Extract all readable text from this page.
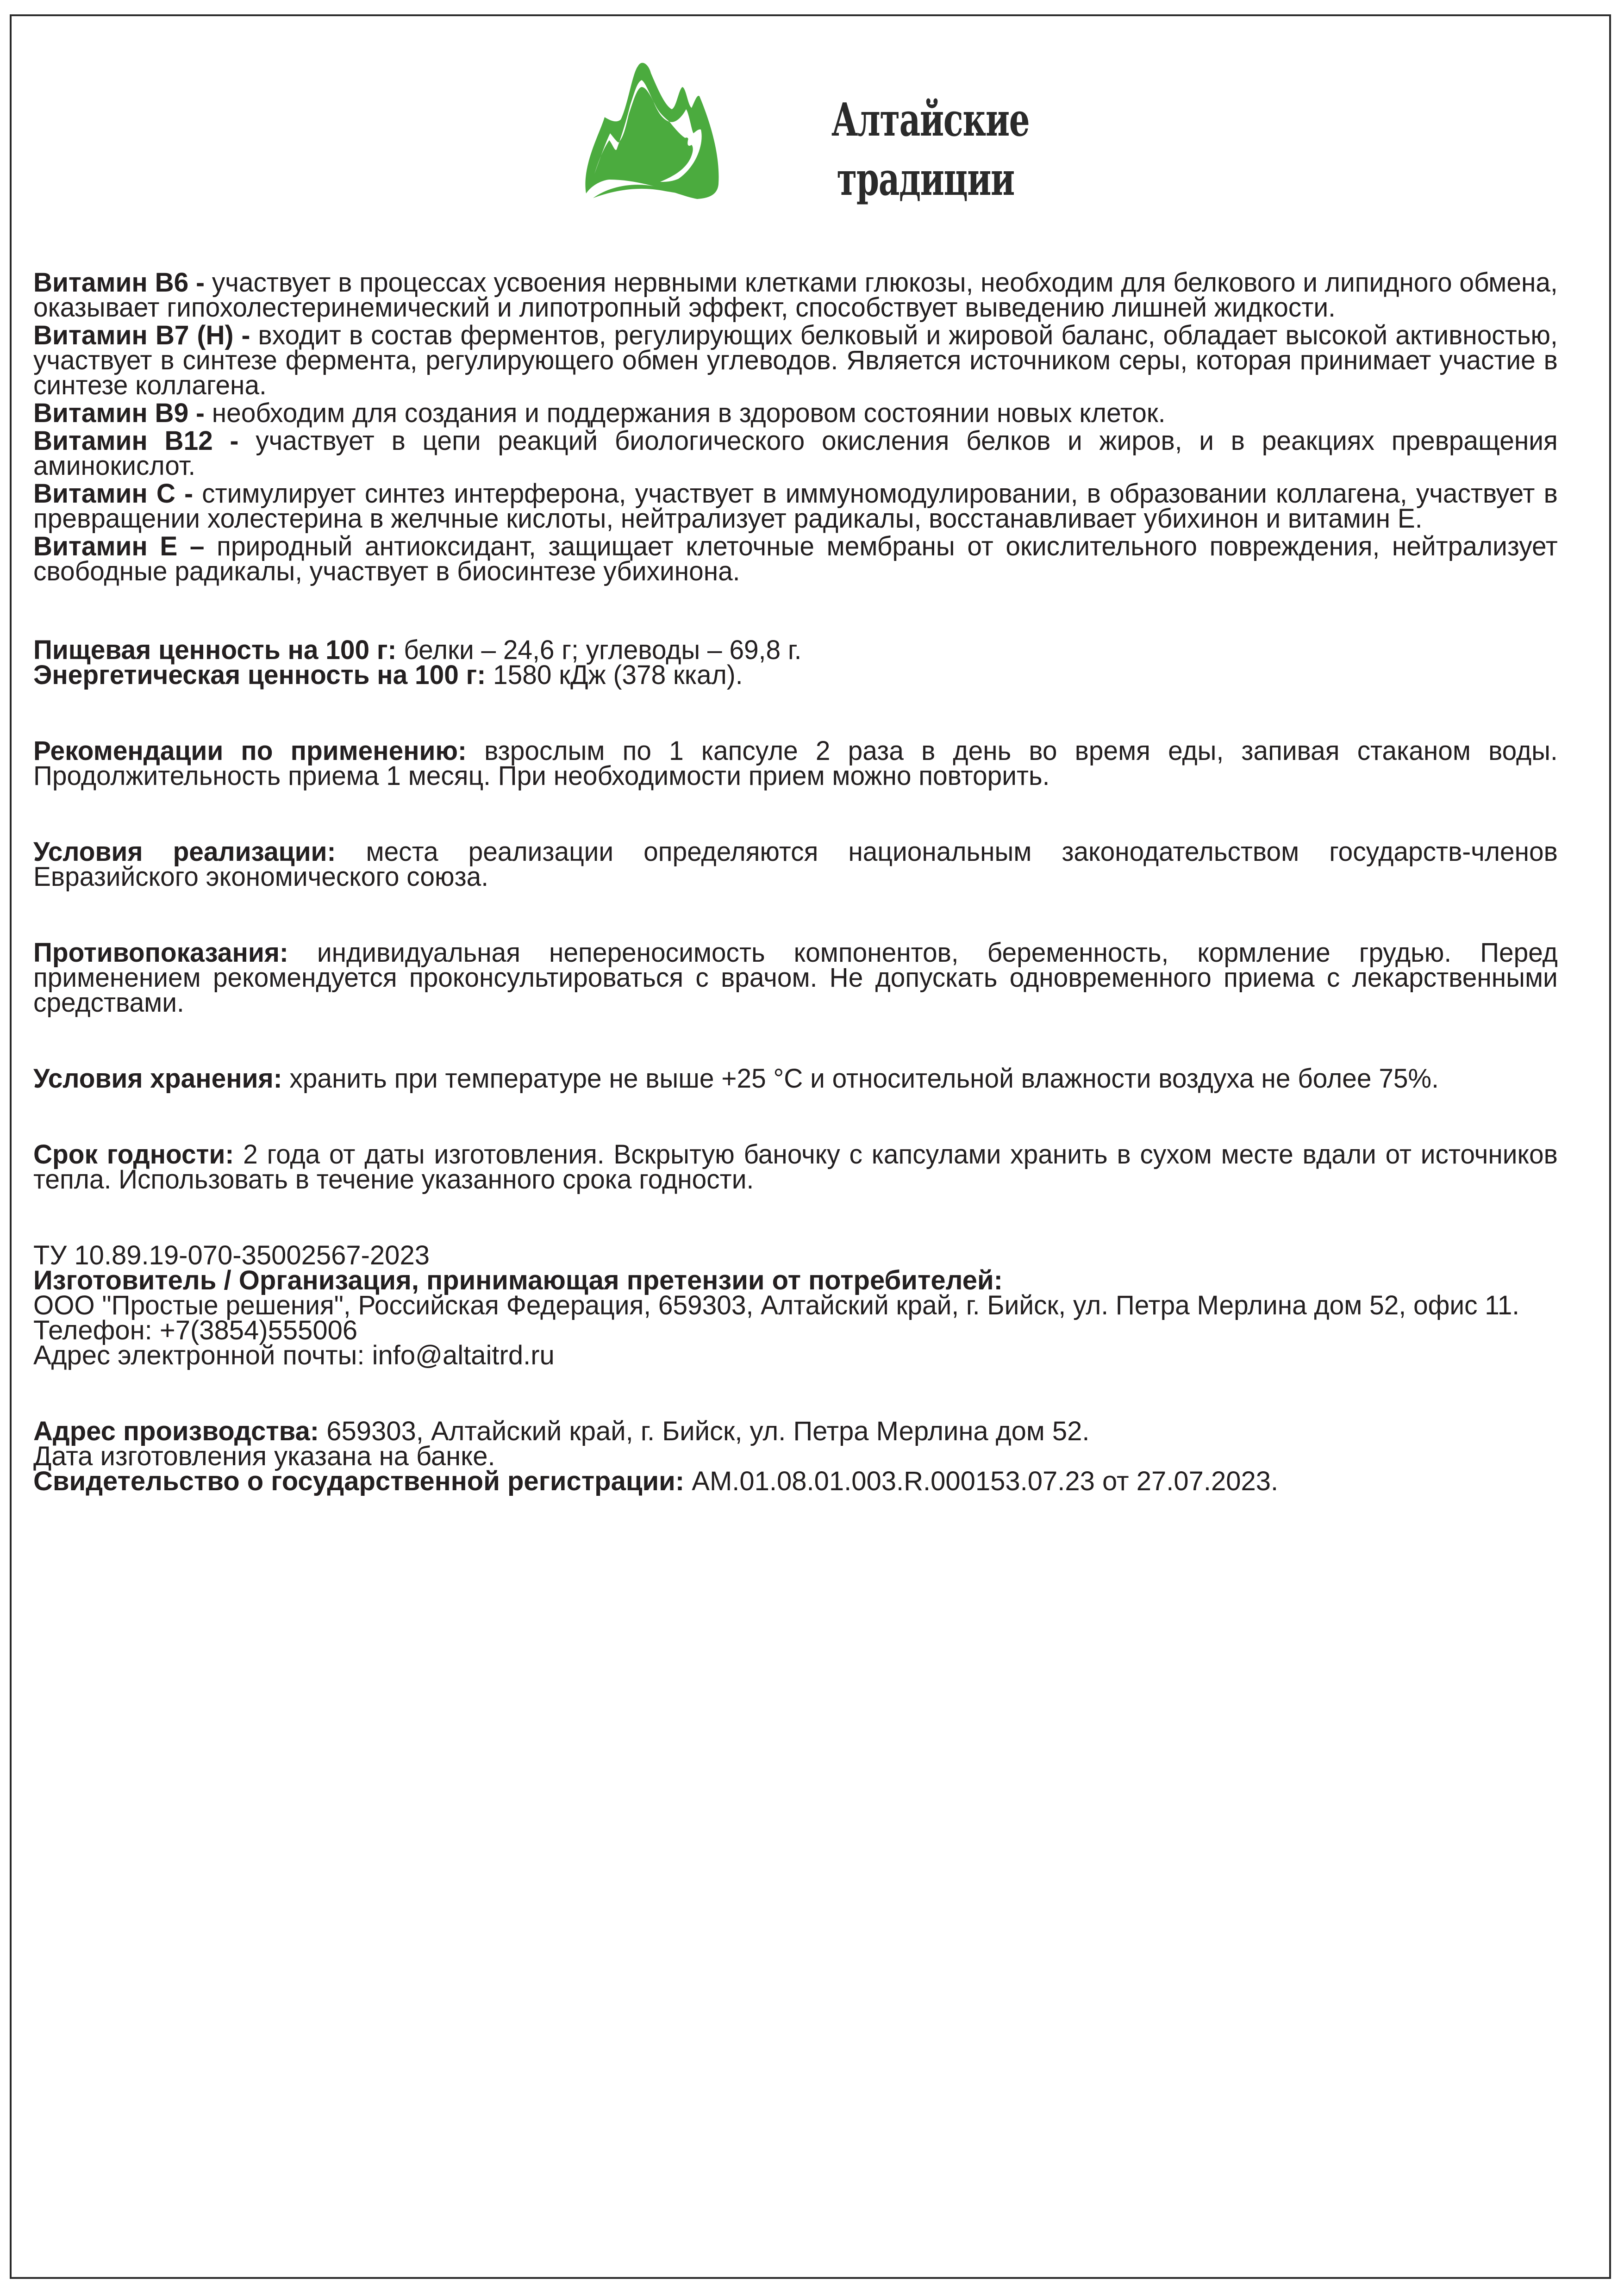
Алтайские
традиции

Витамин В6 - участвует в процессах усвоения нервными клетками глюкозы, необходим для белкового и липидного обмена, оказывает гипохолестеринемический и липотропный эффект, способствует выведению лишней жидкости.

Витамин В7 (Н) - входит в состав ферментов, регулирующих белковый и жировой баланс, обладает высокой активностью, участвует в синтезе фермента, регулирующего обмен углеводов. Является источником серы, которая принимает участие в синтезе коллагена.

Витамин В9 - необходим для создания и поддержания в здоровом состоянии новых клеток.

Витамин В12 - участвует в цепи реакций биологического окисления белков и жиров, и в реакциях превращения аминокислот.

Витамин С - стимулирует синтез интерферона, участвует в иммуномодулировании, в образовании коллагена, участвует в превращении холестерина в желчные кислоты, нейтрализует радикалы, восстанавливает убихинон и витамин Е.

Витамин Е – природный антиоксидант, защищает клеточные мембраны от окислительного повреждения, нейтрализует свободные радикалы, участвует в биосинтезе убихинона.

Пищевая ценность на 100 г: белки – 24,6 г; углеводы – 69,8 г.

Энергетическая ценность на 100 г: 1580 кДж (378 ккал).

Рекомендации по применению: взрослым по 1 капсуле 2 раза в день во время еды, запивая стаканом воды. Продолжительность приема 1 месяц. При необходимости прием можно повторить.

Условия реализации: места реализации определяются национальным законодательством государств-членов Евразийского экономического союза.

Противопоказания: индивидуальная непереносимость компонентов, беременность, кормление грудью. Перед применением рекомендуется проконсультироваться с врачом. Не допускать одновременного приема с лекарственными средствами.

Условия хранения: хранить при температуре не выше +25 °С и относительной влажности воздуха не более 75%.

Срок годности: 2 года от даты изготовления. Вскрытую баночку с капсулами хранить в сухом месте вдали от источников тепла. Использовать в течение указанного срока годности.

ТУ 10.89.19-070-35002567-2023

Изготовитель / Организация, принимающая претензии от потребителей:

ООО "Простые решения", Российская Федерация, 659303, Алтайский край, г. Бийск, ул. Петра Мерлина дом 52, офис 11.

Телефон: +7(3854)555006

Адрес электронной почты: info@altaitrd.ru

Адрес производства: 659303, Алтайский край, г. Бийск, ул. Петра Мерлина дом 52.

Дата изготовления указана на банке.

Свидетельство о государственной регистрации: АМ.01.08.01.003.R.000153.07.23 от 27.07.2023.
